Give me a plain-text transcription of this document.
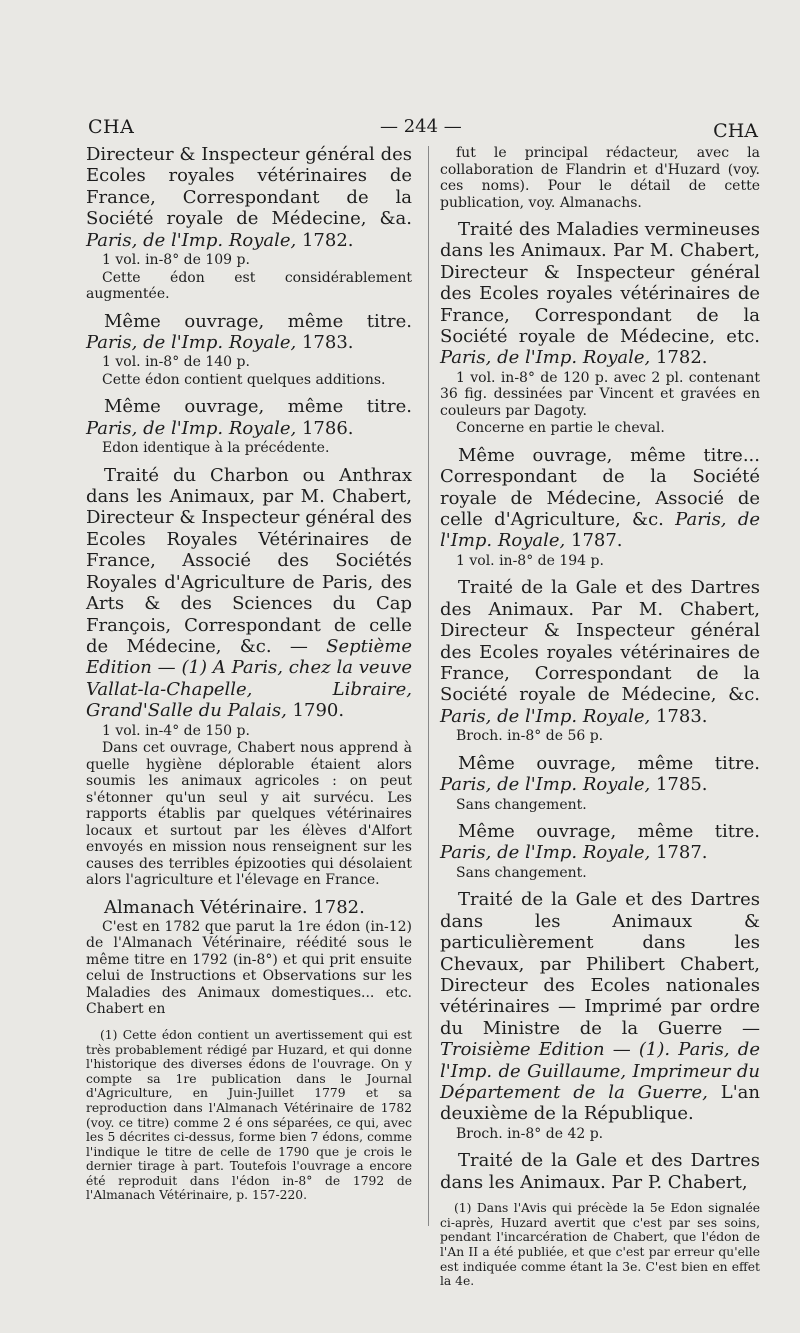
CHA	— 244 —	CHA

Directeur & Inspecteur général des Ecoles royales vétérinaires de France, Correspondant de la Société royale de Médecine, &a. Paris, de l'Imp. Royale, 1782.

1 vol. in-8° de 109 p.

Cette édon est considérablement augmentée.

Même ouvrage, même titre. Paris, de l'Imp. Royale, 1783.

1 vol. in-8° de 140 p.

Cette édon contient quelques additions.

Même ouvrage, même titre. Paris, de l'Imp. Royale, 1786.

Edon identique à la précédente.

Traité du Charbon ou Anthrax dans les Animaux, par M. Chabert, Directeur & Inspecteur général des Ecoles Royales Vétérinaires de France, Associé des Sociétés Royales d'Agriculture de Paris, des Arts & des Sciences du Cap François, Correspondant de celle de Médecine, &c. — Septième Edition — (1) A Paris, chez la veuve Vallat-la-Chapelle, Libraire, Grand'Salle du Palais, 1790.

1 vol. in-4° de 150 p.

Dans cet ouvrage, Chabert nous apprend à quelle hygiène déplorable étaient alors soumis les animaux agricoles : on peut s'étonner qu'un seul y ait survécu. Les rapports établis par quelques vétérinaires locaux et surtout par les élèves d'Alfort envoyés en mission nous renseignent sur les causes des terribles épizooties qui désolaient alors l'agriculture et l'élevage en France.

Almanach Vétérinaire. 1782.

C'est en 1782 que parut la 1re édon (in-12) de l'Almanach Vétérinaire, réédité sous le même titre en 1792 (in-8°) et qui prit ensuite celui de Instructions et Observations sur les Maladies des Animaux domestiques... etc. Chabert en

(1) Cette édon contient un avertissement qui est très probablement rédigé par Huzard, et qui donne l'historique des diverses édons de l'ouvrage. On y compte sa 1re publication dans le Journal d'Agriculture, en Juin-Juillet 1779 et sa reproduction dans l'Almanach Vétérinaire de 1782 (voy. ce titre) comme 2 é ons séparées, ce qui, avec les 5 décrites ci-dessus, forme bien 7 édons, comme l'indique le titre de celle de 1790 que je crois le dernier tirage à part. Toutefois l'ouvrage a encore été reproduit dans l'édon in-8° de 1792 de l'Almanach Vétérinaire, p. 157-220.

fut le principal rédacteur, avec la collaboration de Flandrin et d'Huzard (voy. ces noms). Pour le détail de cette publication, voy. Almanachs.

Traité des Maladies vermineuses dans les Animaux. Par M. Chabert, Directeur & Inspecteur général des Ecoles royales vétérinaires de France, Correspondant de la Société royale de Médecine, etc. Paris, de l'Imp. Royale, 1782.

1 vol. in-8° de 120 p. avec 2 pl. contenant 36 fig. dessinées par Vincent et gravées en couleurs par Dagoty.

Concerne en partie le cheval.

Même ouvrage, même titre... Correspondant de la Société royale de Médecine, Associé de celle d'Agriculture, &c. Paris, de l'Imp. Royale, 1787.

1 vol. in-8° de 194 p.

Traité de la Gale et des Dartres des Animaux. Par M. Chabert, Directeur & Inspecteur général des Ecoles royales vétérinaires de France, Correspondant de la Société royale de Médecine, &c. Paris, de l'Imp. Royale, 1783.

Broch. in-8° de 56 p.

Même ouvrage, même titre. Paris, de l'Imp. Royale, 1785.

Sans changement.

Même ouvrage, même titre. Paris, de l'Imp. Royale, 1787.

Sans changement.

Traité de la Gale et des Dartres dans les Animaux & particulièrement dans les Chevaux, par Philibert Chabert, Directeur des Ecoles nationales vétérinaires — Imprimé par ordre du Ministre de la Guerre — Troisième Edition — (1). Paris, de l'Imp. de Guillaume, Imprimeur du Département de la Guerre, L'an deuxième de la République.

Broch. in-8° de 42 p.

Traité de la Gale et des Dartres dans les Animaux. Par P. Chabert,

(1) Dans l'Avis qui précède la 5e Edon signalée ci-après, Huzard avertit que c'est par ses soins, pendant l'incarcération de Chabert, que l'édon de l'An II a été publiée, et que c'est par erreur qu'elle est indiquée comme étant la 3e. C'est bien en effet la 4e.
